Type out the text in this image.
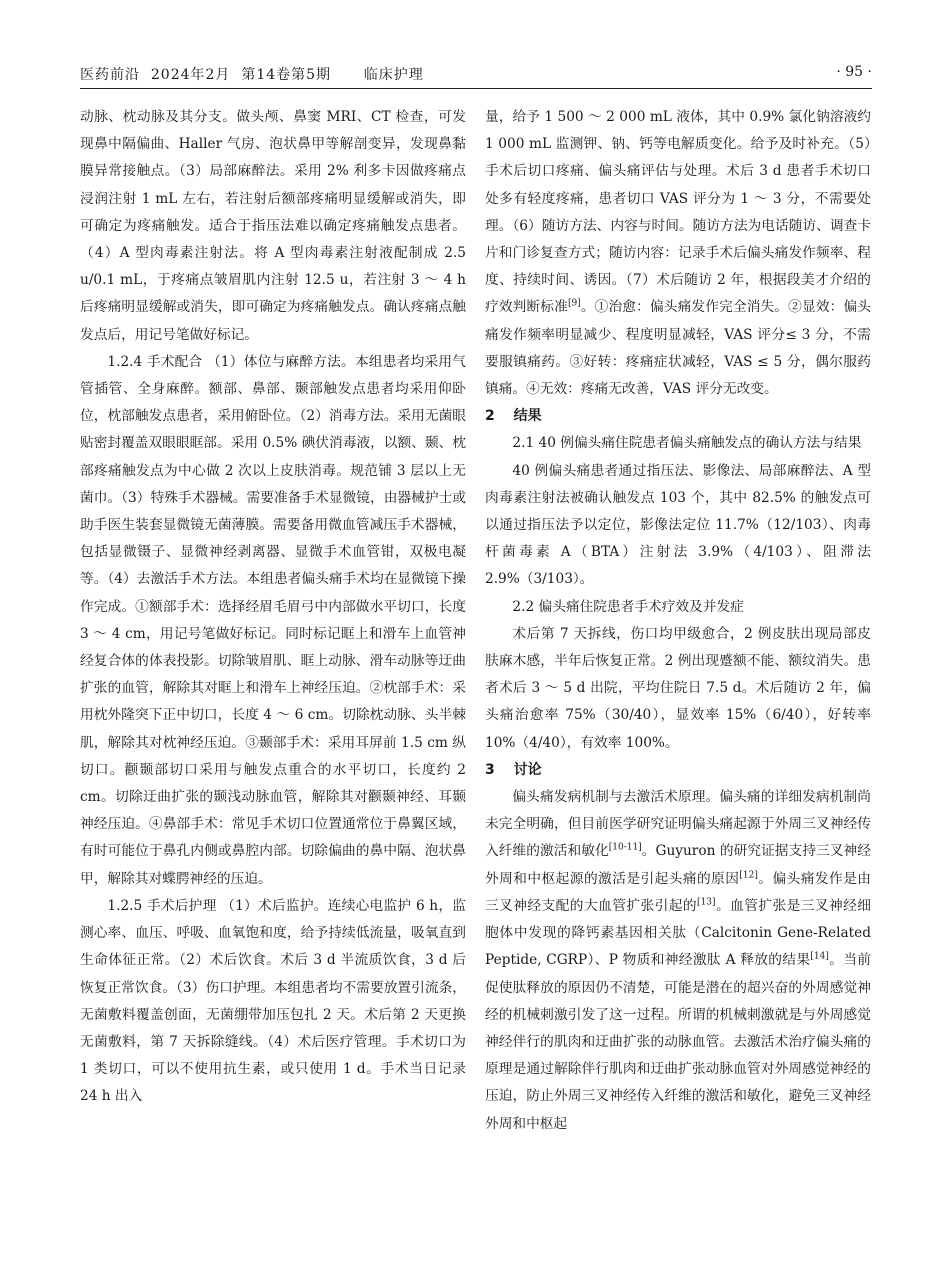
医药前沿  2024年2月  第14卷第5期      临床护理	· 95 ·

动脉、枕动脉及其分支。做头颅、鼻窦 MRI、CT 检查，可发现鼻中隔偏曲、Haller 气房、泡状鼻甲等解剖变异，发现鼻黏膜异常接触点。（3）局部麻醉法。采用 2% 利多卡因做疼痛点浸润注射 1 mL 左右，若注射后额部疼痛明显缓解或消失，即可确定为疼痛触发。适合于指压法难以确定疼痛触发点患者。（4）A 型肉毒素注射法。将 A 型肉毒素注射液配制成 2.5 u/0.1 mL，于疼痛点皱眉肌内注射 12.5 u，若注射 3 ～ 4 h 后疼痛明显缓解或消失，即可确定为疼痛触发点。确认疼痛点触发点后，用记号笔做好标记。

1.2.4 手术配合 （1）体位与麻醉方法。本组患者均采用气管插管、全身麻醉。额部、鼻部、颞部触发点患者均采用仰卧位，枕部触发点患者，采用俯卧位。（2）消毒方法。采用无菌眼贴密封覆盖双眼眼眶部。采用 0.5% 碘伏消毒液，以额、颞、枕部疼痛触发点为中心做 2 次以上皮肤消毒。规范铺 3 层以上无菌巾。（3）特殊手术器械。需要准备手术显微镜，由器械护士或助手医生装套显微镜无菌薄膜。需要备用微血管减压手术器械，包括显微镊子、显微神经剥离器、显微手术血管钳，双极电凝等。（4）去激活手术方法。本组患者偏头痛手术均在显微镜下操作完成。①额部手术：选择经眉毛眉弓中内部做水平切口，长度 3 ～ 4 cm，用记号笔做好标记。同时标记眶上和滑车上血管神经复合体的体表投影。切除皱眉肌、眶上动脉、滑车动脉等迂曲扩张的血管，解除其对眶上和滑车上神经压迫。②枕部手术：采用枕外隆突下正中切口，长度 4 ～ 6 cm。切除枕动脉、头半棘肌，解除其对枕神经压迫。③颞部手术：采用耳屏前 1.5 cm 纵切口。颧颞部切口采用与触发点重合的水平切口，长度约 2 cm。切除迂曲扩张的颞浅动脉血管，解除其对颧颞神经、耳颞神经压迫。④鼻部手术：常见手术切口位置通常位于鼻翼区域，有时可能位于鼻孔内侧或鼻腔内部。切除偏曲的鼻中隔、泡状鼻甲，解除其对蝶腭神经的压迫。

1.2.5 手术后护理 （1）术后监护。连续心电监护 6 h，监测心率、血压、呼吸、血氧饱和度，给予持续低流量，吸氧直到生命体征正常。（2）术后饮食。术后 3 d 半流质饮食，3 d 后恢复正常饮食。（3）伤口护理。本组患者均不需要放置引流条，无菌敷料覆盖创面，无菌绷带加压包扎 2 天。术后第 2 天更换无菌敷料，第 7 天拆除缝线。（4）术后医疗管理。手术切口为 1 类切口，可以不使用抗生素，或只使用 1 d。手术当日记录 24 h 出入

量，给予 1 500 ～ 2 000 mL 液体，其中 0.9% 氯化钠溶液约 1 000 mL 监测钾、钠、钙等电解质变化。给予及时补充。（5）手术后切口疼痛、偏头痛评估与处理。术后 3 d 患者手术切口处多有轻度疼痛，患者切口 VAS 评分为 1 ～ 3 分，不需要处理。（6）随访方法、内容与时间。随访方法为电话随访、调查卡片和门诊复查方式；随访内容：记录手术后偏头痛发作频率、程度、持续时间、诱因。（7）术后随访 2 年，根据段美才介绍的疗效判断标准[9]。①治愈：偏头痛发作完全消失。②显效：偏头痛发作频率明显减少、程度明显减轻，VAS 评分≤ 3 分，不需要服镇痛药。③好转：疼痛症状减轻，VAS ≤ 5 分，偶尔服药镇痛。④无效：疼痛无改善，VAS 评分无改变。

2　 结果
2.1 40 例偏头痛住院患者偏头痛触发点的确认方法与结果

40 例偏头痛患者通过指压法、影像法、局部麻醉法、A 型肉毒素注射法被确认触发点 103 个，其中 82.5% 的触发点可以通过指压法予以定位，影像法定位 11.7%（12/103）、肉毒杆菌毒素 A（BTA）注射法 3.9%（4/103）、阻滞法 2.9%（3/103）。

2.2 偏头痛住院患者手术疗效及并发症

术后第 7 天拆线，伤口均甲级愈合，2 例皮肤出现局部皮肤麻木感，半年后恢复正常。2 例出现蹙额不能、额纹消失。患者术后 3 ～ 5 d 出院，平均住院日 7.5 d。术后随访 2 年，偏头痛治愈率 75%（30/40），显效率 15%（6/40），好转率 10%（4/40），有效率 100%。

3　 讨论

偏头痛发病机制与去激活术原理。偏头痛的详细发病机制尚未完全明确，但目前医学研究证明偏头痛起源于外周三叉神经传入纤维的激活和敏化[10-11]。Guyuron 的研究证据支持三叉神经外周和中枢起源的激活是引起头痛的原因[12]。偏头痛发作是由三叉神经支配的大血管扩张引起的[13]。血管扩张是三叉神经细胞体中发现的降钙素基因相关肽（Calcitonin Gene-Related Peptide, CGRP）、P 物质和神经激肽 A 释放的结果[14]。当前促使肽释放的原因仍不清楚，可能是潜在的超兴奋的外周感觉神经的机械刺激引发了这一过程。所谓的机械刺激就是与外周感觉神经伴行的肌肉和迂曲扩张的动脉血管。去激活术治疗偏头痛的原理是通过解除伴行肌肉和迂曲扩张动脉血管对外周感觉神经的压迫，防止外周三叉神经传入纤维的激活和敏化，避免三叉神经外周和中枢起
